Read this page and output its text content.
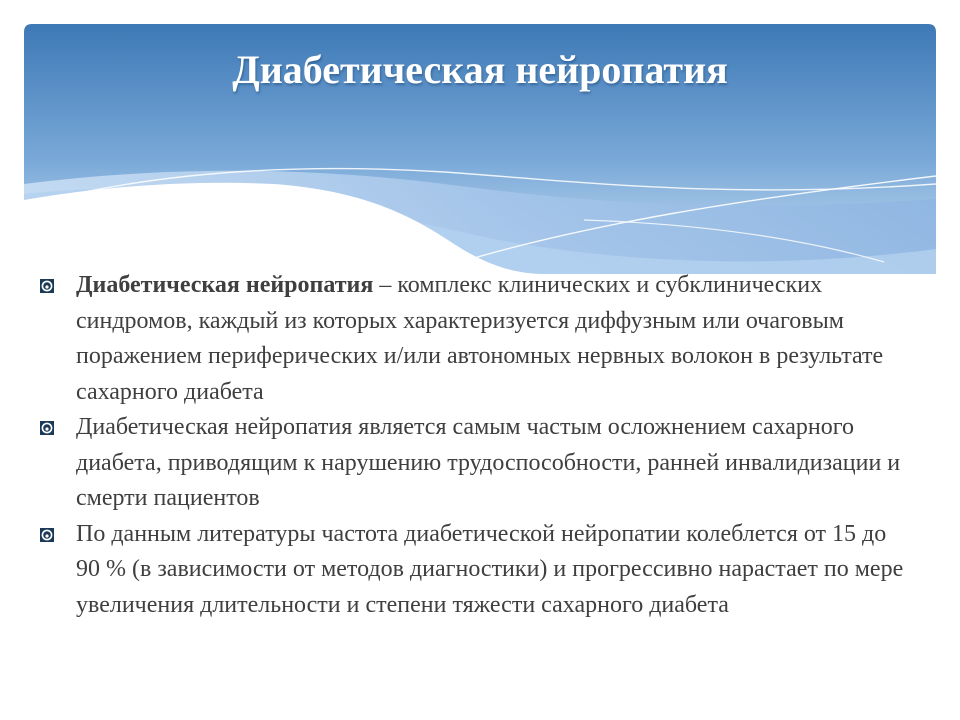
Диабетическая нейропатия
Диабетическая нейропатия – комплекс клинических и субклинических синдромов, каждый из которых характеризуется диффузным или очаговым поражением периферических и/или автономных нервных волокон в результате сахарного диабета
Диабетическая нейропатия является самым частым осложнением сахарного диабета, приводящим к нарушению трудоспособности, ранней инвалидизации и смерти пациентов
По данным литературы частота диабетической нейропатии колеблется от 15 до 90 % (в зависимости от методов диагностики) и прогрессивно нарастает по мере увеличения длительности и степени тяжести сахарного диабета
